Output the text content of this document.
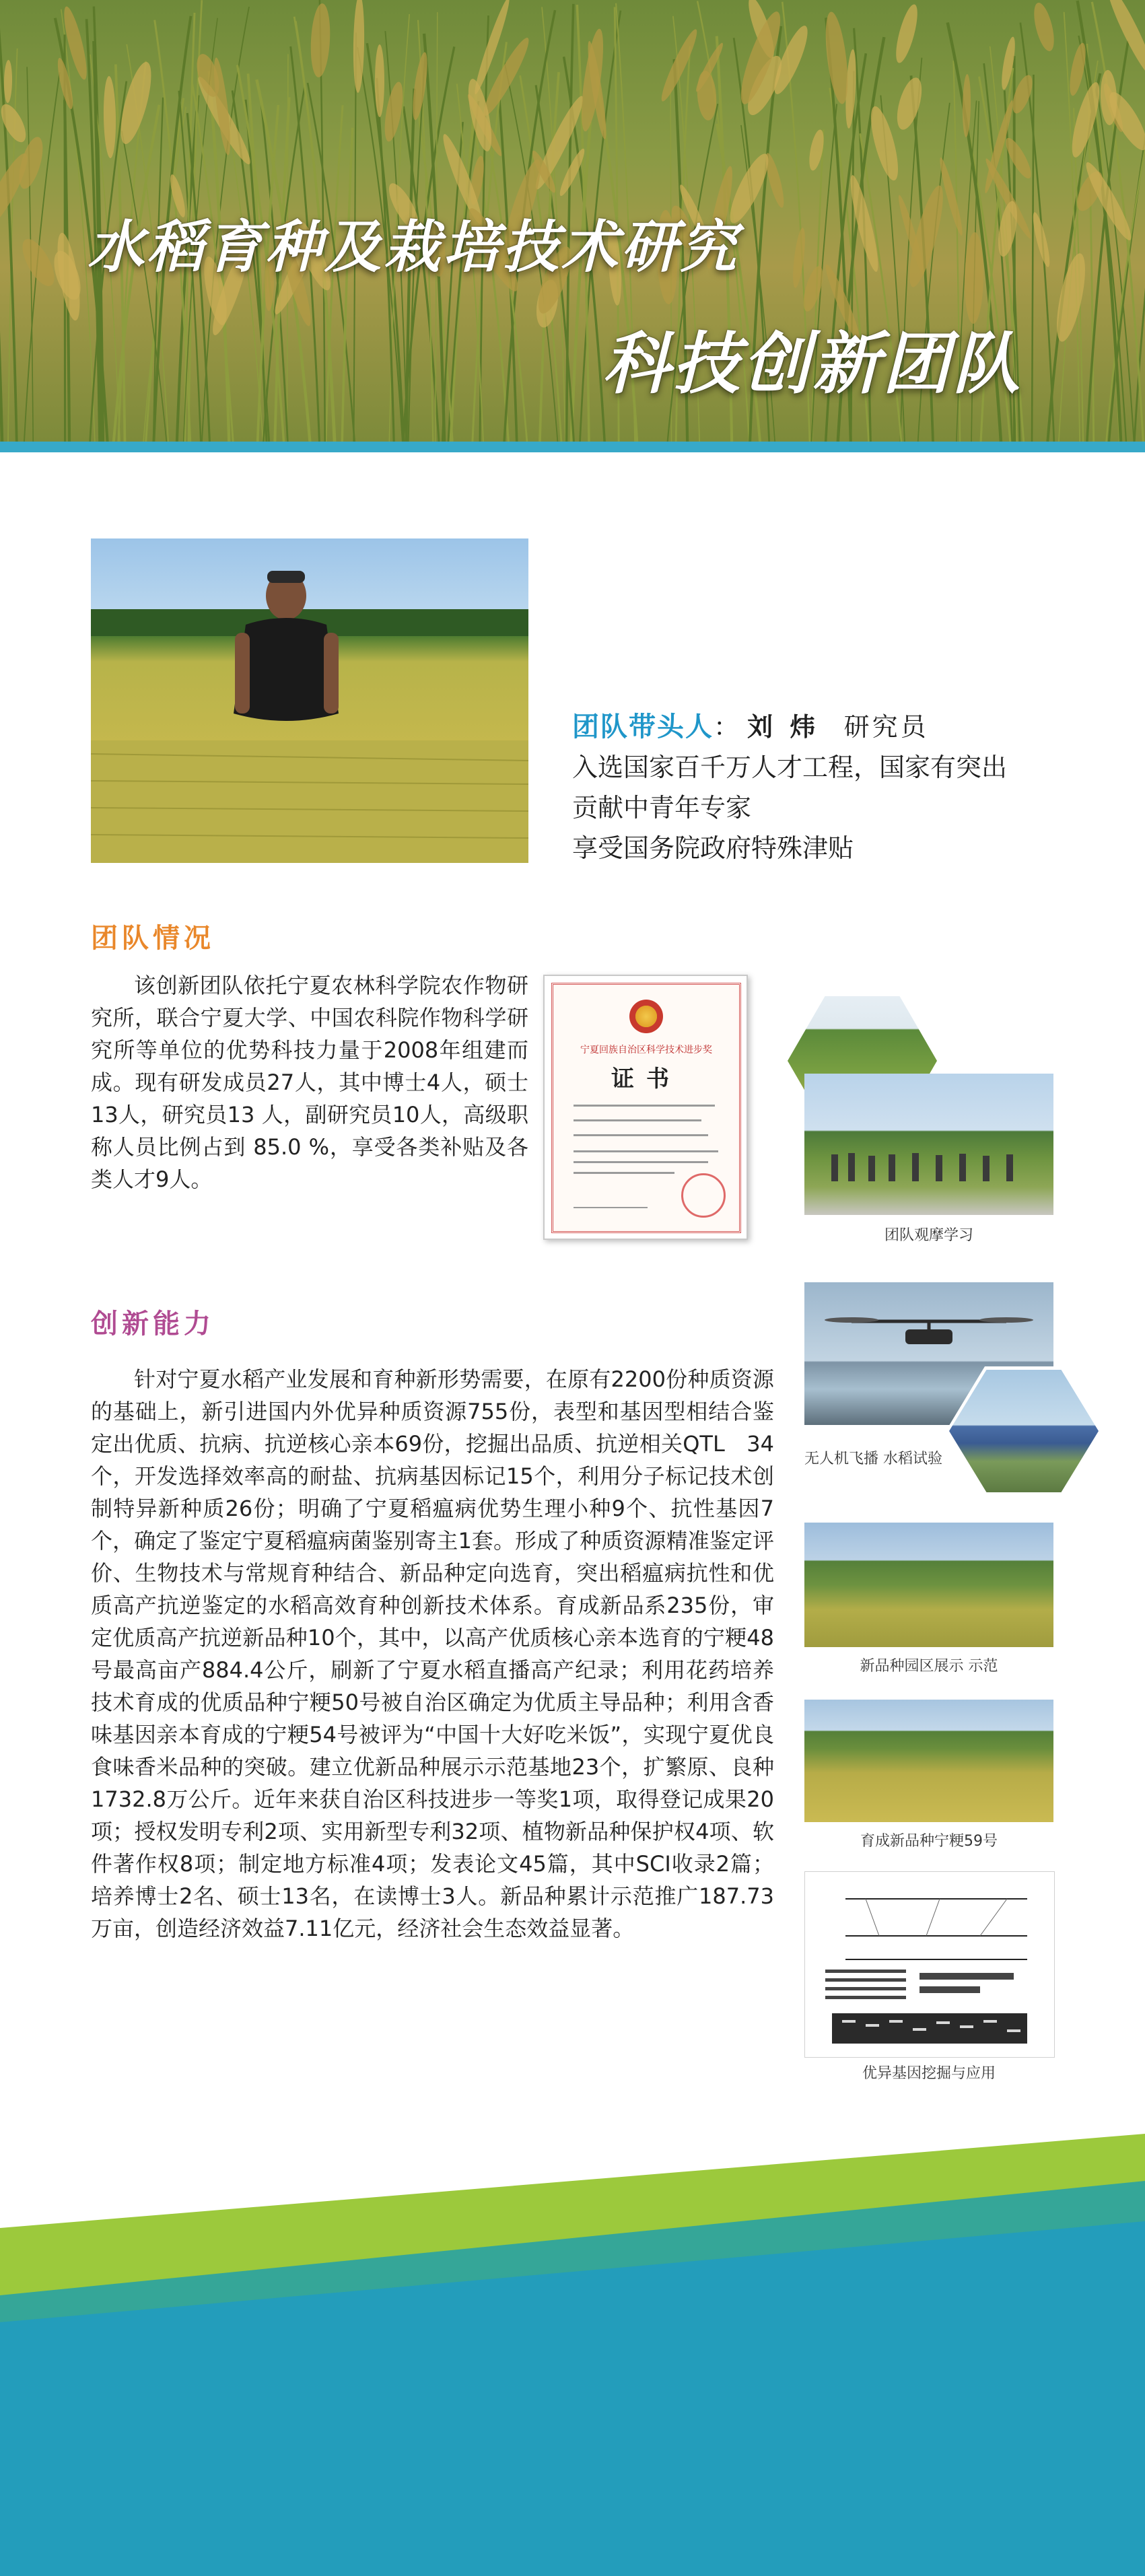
水稻育种及栽培技术研究
科技创新团队
团队带头人： 刘 炜 研究员
入选国家百千万人才工程，国家有突出
贡献中青年专家
享受国务院政府特殊津贴
团队情况
该创新团队依托宁夏农林科学院农作物研究所，联合宁夏大学、中国农科院作物科学研究所等单位的优势科技力量于2008年组建而成。现有研发成员27人，其中博士4人，硕士13人，研究员13 人，副研究员10人，高级职称人员比例占到 85.0 %，享受各类补贴及各类人才9人。
宁夏回族自治区科学技术进步奖
证书
团队观摩学习
创新能力
针对宁夏水稻产业发展和育种新形势需要，在原有2200份种质资源的基础上，新引进国内外优异种质资源755份，表型和基因型相结合鉴定出优质、抗病、抗逆核心亲本69份，挖掘出品质、抗逆相关QTL　34个，开发选择效率高的耐盐、抗病基因标记15个，利用分子标记技术创制特异新种质26份；明确了宁夏稻瘟病优势生理小种9个、抗性基因7个，确定了鉴定宁夏稻瘟病菌鉴别寄主1套。形成了种质资源精准鉴定评价、生物技术与常规育种结合、新品种定向选育，突出稻瘟病抗性和优质高产抗逆鉴定的水稻高效育种创新技术体系。育成新品系235份，审定优质高产抗逆新品种10个，其中，以高产优质核心亲本选育的宁粳48号最高亩产884.4公斤，刷新了宁夏水稻直播高产纪录；利用花药培养技术育成的优质品种宁粳50号被自治区确定为优质主导品种；利用含香味基因亲本育成的宁粳54号被评为“中国十大好吃米饭”，实现宁夏优良食味香米品种的突破。建立优新品种展示示范基地23个，扩繁原、良种1732.8万公斤。近年来获自治区科技进步一等奖1项，取得登记成果20项；授权发明专利2项、实用新型专利32项、植物新品种保护权4项、软件著作权8项；制定地方标准4项；发表论文45篇，其中SCI收录2篇；培养博士2名、硕士13名，在读博士3人。新品种累计示范推广187.73万亩，创造经济效益7.11亿元，经济社会生态效益显著。
无人机飞播 水稻试验
新品种园区展示 示范
育成新品种宁粳59号
优异基因挖掘与应用
